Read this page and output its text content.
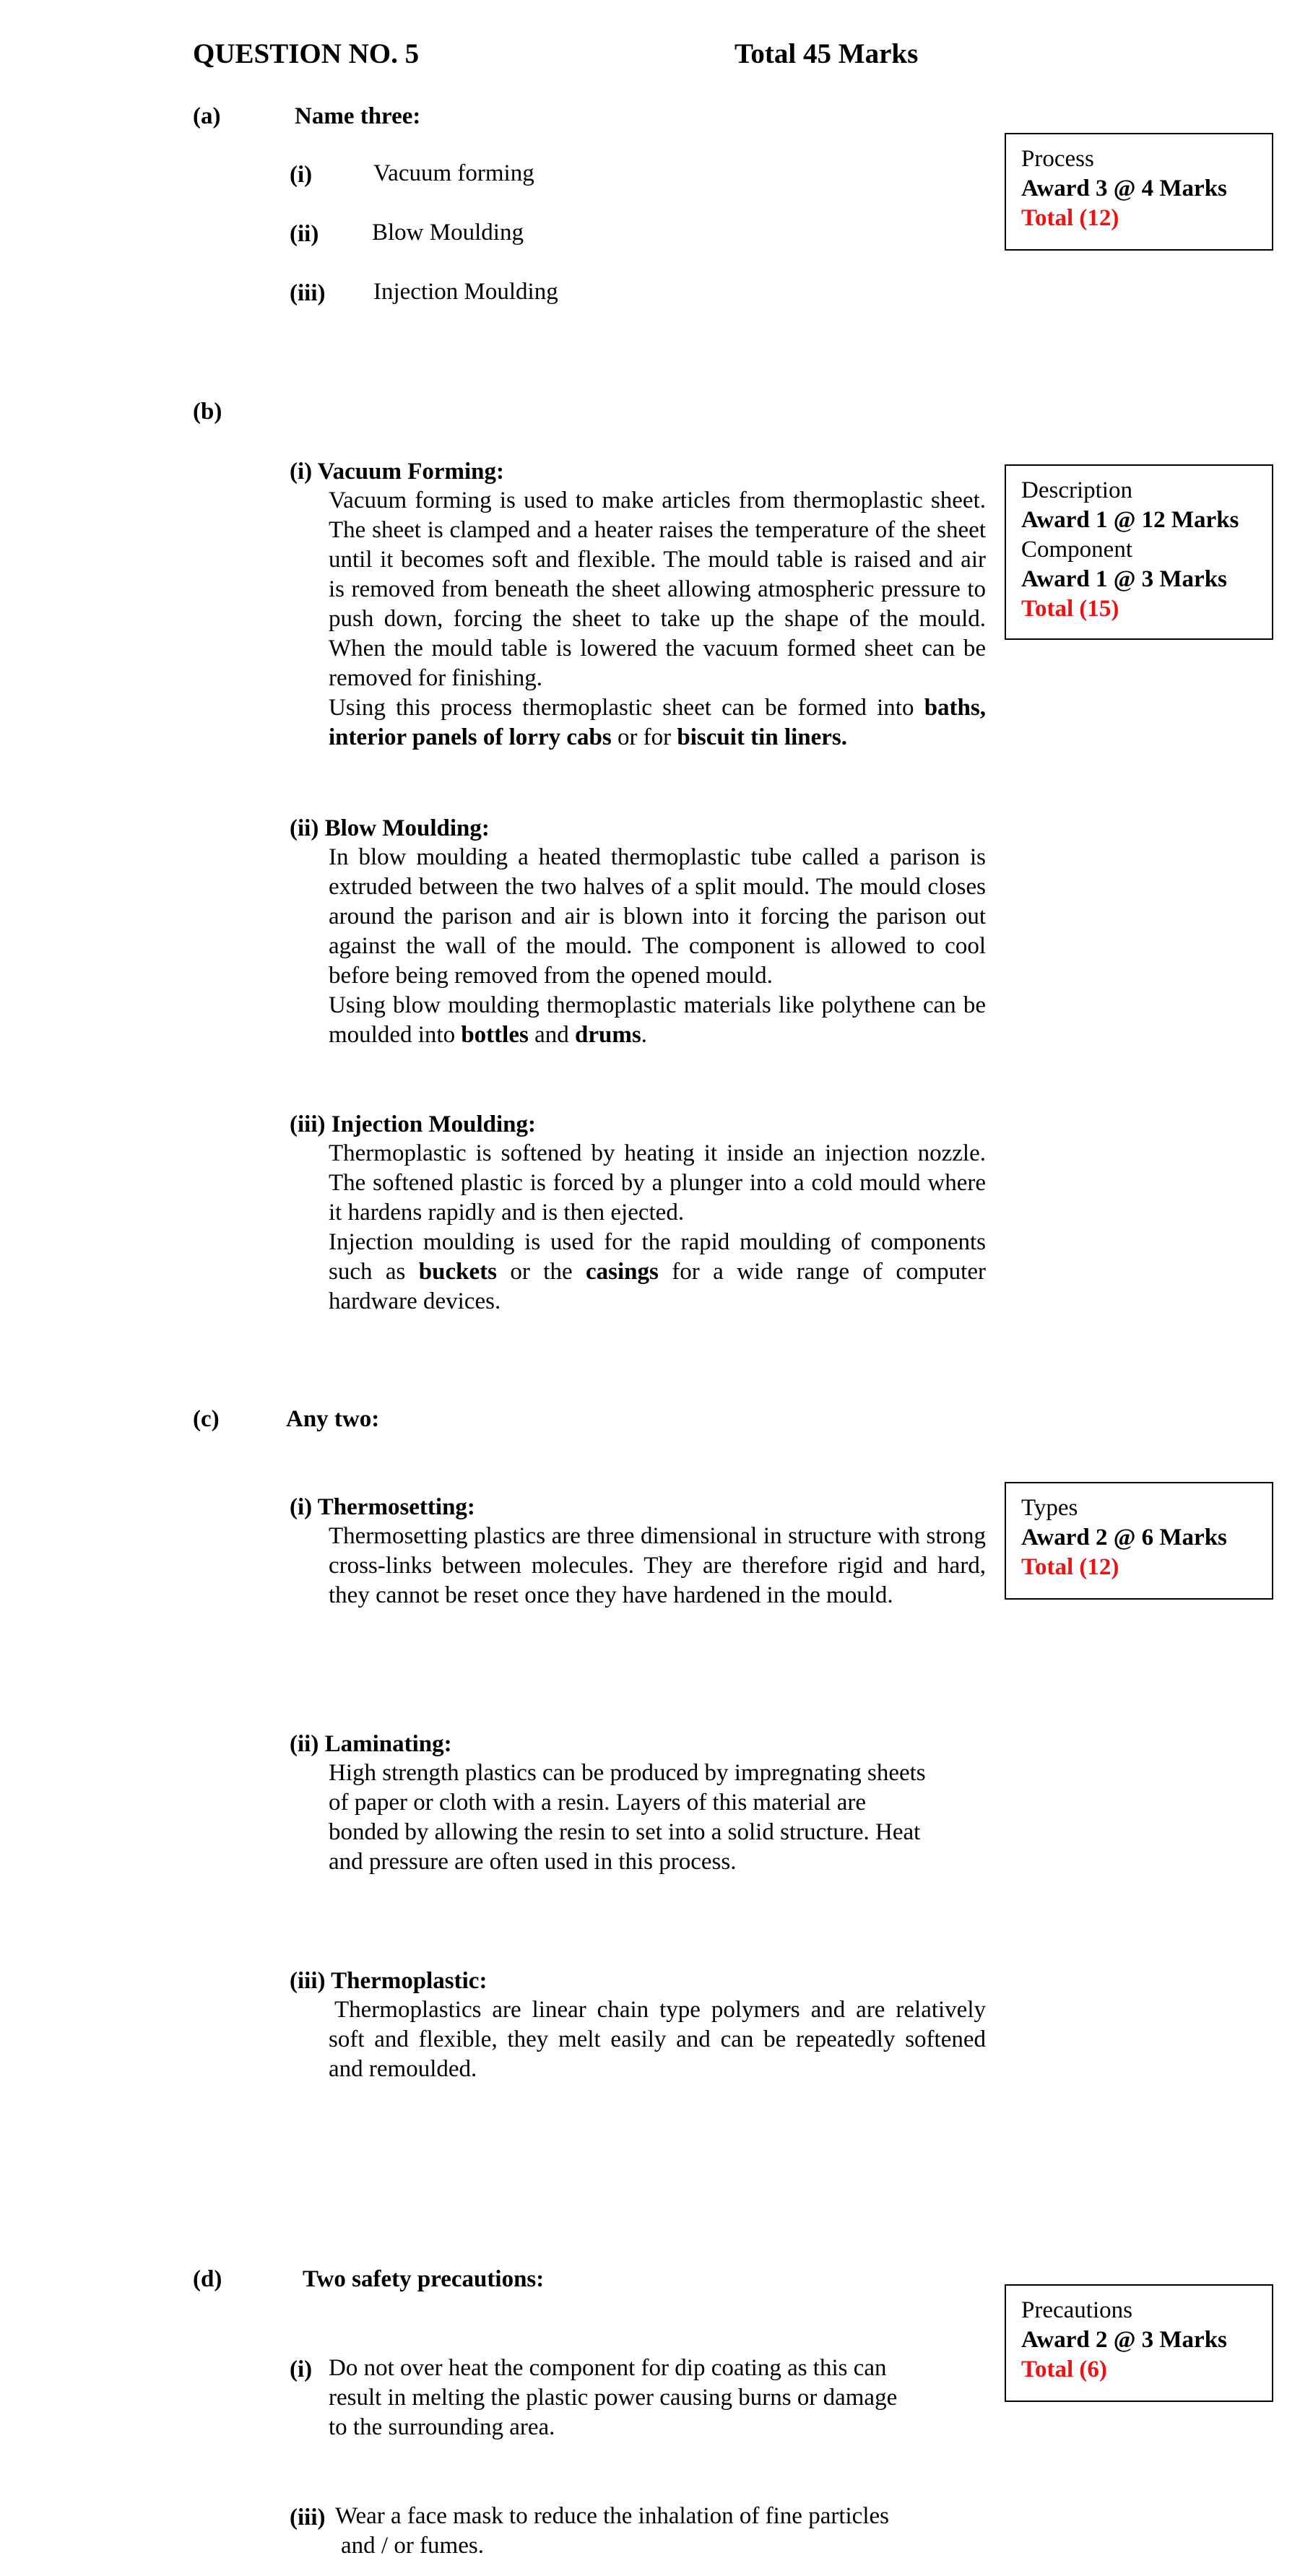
QUESTION NO. 5	Total 45 Marks
(a)	Name three:
(i)	Vacuum forming
(ii) Blow Moulding
(iii) Injection Moulding
Process
Award 3 @ 4 Marks
Total (12)
(b)
(i) Vacuum Forming:
Vacuum forming is used to make articles from thermoplastic sheet. The sheet is clamped and a heater raises the temperature of the sheet until it becomes soft and flexible. The mould table is raised and air is removed from beneath the sheet allowing atmospheric pressure to push down, forcing the sheet to take up the shape of the mould. When the mould table is lowered the vacuum formed sheet can be removed for finishing.
Using this process thermoplastic sheet can be formed into baths, interior panels of lorry cabs or for biscuit tin liners.
Description
Award 1 @ 12 Marks
Component
Award 1 @ 3 Marks
Total (15)
(ii) Blow Moulding:
In blow moulding a heated thermoplastic tube called a parison is extruded between the two halves of a split mould. The mould closes around the parison and air is blown into it forcing the parison out against the wall of the mould. The component is allowed to cool before being removed from the opened mould.
Using blow moulding thermoplastic materials like polythene can be moulded into bottles and drums.
(iii) Injection Moulding:
Thermoplastic is softened by heating it inside an injection nozzle. The softened plastic is forced by a plunger into a cold mould where it hardens rapidly and is then ejected.
Injection moulding is used for the rapid moulding of components such as buckets or the casings for a wide range of computer hardware devices.
(c)	Any two:
(i) Thermosetting:
Thermosetting plastics are three dimensional in structure with strong cross-links between molecules. They are therefore rigid and hard, they cannot be reset once they have hardened in the mould.
Types
Award 2 @ 6 Marks
Total (12)
(ii) Laminating:
High strength plastics can be produced by impregnating sheets
of paper or cloth with a resin. Layers of this material are
bonded by allowing the resin to set into a solid structure. Heat
and pressure are often used in this process.
(iii) Thermoplastic:
Thermoplastics are linear chain type polymers and are relatively soft and flexible, they melt easily and can be repeatedly softened and remoulded.
(d)	Two safety precautions:
Precautions
Award 2 @ 3 Marks
Total (6)
(i) Do not over heat the component for dip coating as this can
result in melting the plastic power causing burns or damage
to the surrounding area.
(iii) Wear a face mask to reduce the inhalation of fine particles
and / or fumes.
